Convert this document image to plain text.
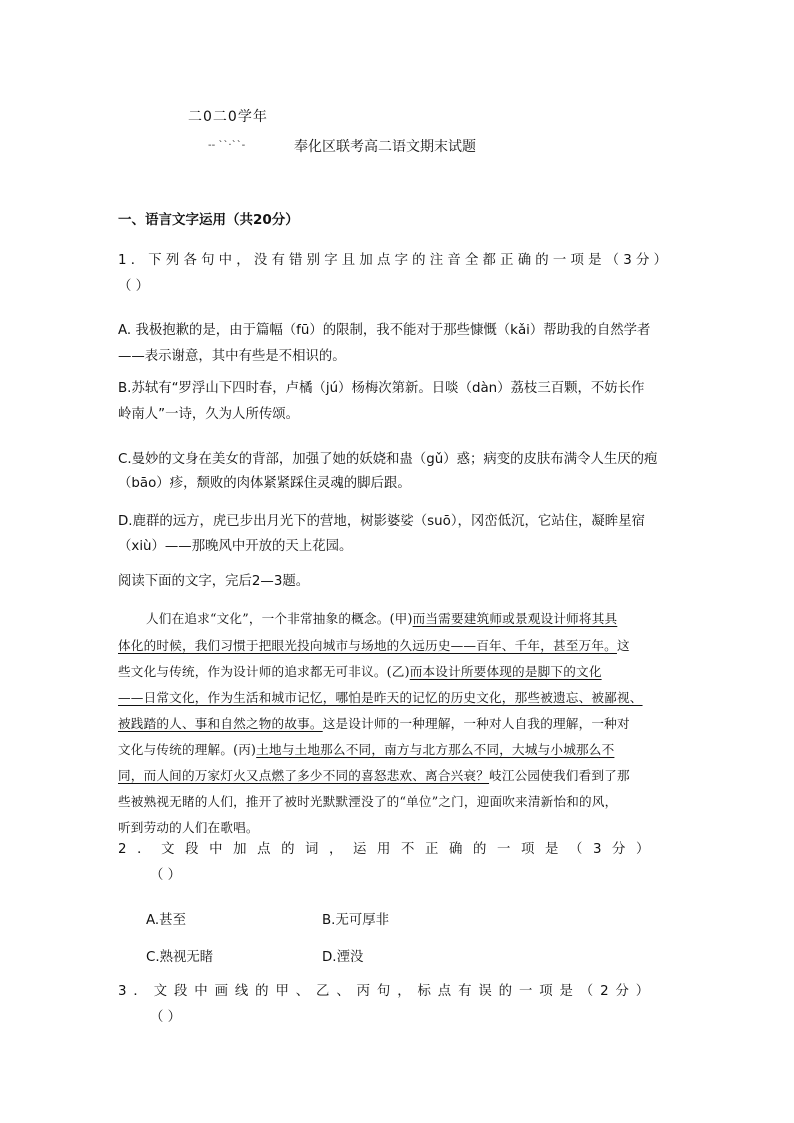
二0二0学年
-- ``·``-	奉化区联考高二语文期末试题
一、语言文字运用（共20分）
1．下列各句中，没有错别字且加点字的注音全都正确的一项是（3分）
（ ）
A. 我极抱歉的是，由于篇幅（fū）的限制，我不能对于那些慷慨（kǎi）帮助我的自然学者
——表示谢意，其中有些是不相识的。
B.苏轼有“罗浮山下四时春，卢橘（jú）杨梅次第新。日啖（dàn）荔枝三百颗，不妨长作
岭南人”一诗，久为人所传颂。
C.曼妙的文身在美女的背部，加强了她的妖娆和蛊（gǔ）惑；病变的皮肤布满令人生厌的疱
（bāo）疹，颓败的肉体紧紧踩住灵魂的脚后跟。
D.鹿群的远方，虎已步出月光下的营地，树影婆娑（suō），冈峦低沉，它站住，凝眸星宿
（xiù）——那晚风中开放的天上花园。
阅读下面的文字，完后2—3题。
人们在追求“文化”，一个非常抽象的概念。(甲)而当需要建筑师或景观设计师将其具
体化的时候，我们习惯于把眼光投向城市与场地的久远历史——百年、千年，甚至万年。这
些文化与传统，作为设计师的追求都无可非议。(乙)而本设计所要体现的是脚下的文化
——日常文化，作为生活和城市记忆，哪怕是昨天的记忆的历史文化，那些被遗忘、被鄙视、
被践踏的人、事和自然之物的故事。这是设计师的一种理解，一种对人自我的理解，一种对
文化与传统的理解。(丙)土地与土地那么不同，南方与北方那么不同，大城与小城那么不
同，而人间的万家灯火又点燃了多少不同的喜怒悲欢、离合兴衰？岐江公园使我们看到了那
些被熟视无睹的人们，推开了被时光默默湮没了的“单位”之门，迎面吹来清新怡和的风，
听到劳动的人们在歌唱。
2．文段中加点的词，运用不正确的一项是（3分）
（ ）
A.甚至	B.无可厚非
C.熟视无睹	D.湮没
3．文段中画线的甲、乙、丙句，标点有误的一项是（2分）
（ ）
